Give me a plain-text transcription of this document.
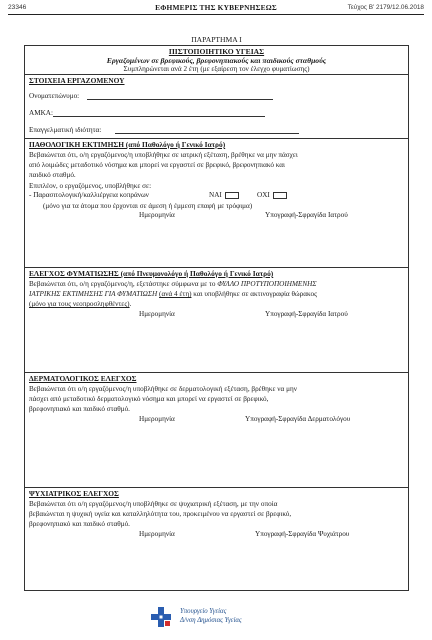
23346	ΕΦΗΜΕΡΙΣ ΤΗΣ ΚΥΒΕΡΝΗΣΕΩΣ	Τεύχος Β’ 2179/12.06.2018
ΠΑΡΑΡΤΗΜΑ Ι
ΠΙΣΤΟΠΟΙΗΤΙΚΟ ΥΓΕΙΑΣ
Εργαζομένων σε βρεφικούς, βρεφονηπιακούς και παιδικούς σταθμούς
Συμπληρώνεται ανά 2 έτη (με εξαίρεση τον έλεγχο φυματίωσης)
ΣΤΟΙΧΕΙΑ ΕΡΓΑΖΟΜΕΝΟΥ
Ονοματεπώνυμο:
ΑΜΚΑ:
Επαγγελματική ιδιότητα:
ΠΑΘΟΛΟΓΙΚΗ ΕΚΤΙΜΗΣΗ (από Παθολόγο ή Γενικό Ιατρό)
Βεβαιώνεται ότι, ο/η εργαζόμενος/η υποβλήθηκε σε ιατρική εξέταση, βρέθηκε να μην πάσχει
από λοιμώδες μεταδοτικό νόσημα και μπορεί να εργαστεί σε βρεφικό, βρεφονηπιακό και
παιδικό σταθμό.
Επιπλέον, ο εργαζόμενος, υποβλήθηκε σε:
- Παρασιτολογική/καλλιέργεια κοπράνων	ΝΑΙ	ΟΧΙ
(μόνο για τα άτομα που έρχονται σε άμεση ή έμμεση επαφή με τρόφιμα)
Ημερομηνία	Υπογραφή-Σφραγίδα Ιατρού
ΕΛΕΓΧΟΣ ΦΥΜΑΤΙΩΣΗΣ (από Πνευμονολόγο ή Παθολόγο ή Γενικό Ιατρό)
Βεβαιώνεται ότι, ο/η εργαζόμενος/η, εξετάστηκε σύμφωνα με το ΦΥΛΛΟ ΠΡΟΤΥΠΟΠΟΙΗΜΕΝΗΣ
ΙΑΤΡΙΚΗΣ ΕΚΤΙΜΗΣΗΣ ΓΙΑ ΦΥΜΑΤΙΩΣΗ (ανά 4 έτη) και υποβλήθηκε σε ακτινογραφία θώρακος
(μόνο για τους νεοπροσληφθέντες).
Ημερομηνία	Υπογραφή-Σφραγίδα Ιατρού
ΔΕΡΜΑΤΟΛΟΓΙΚΟΣ ΕΛΕΓΧΟΣ
Βεβαιώνεται ότι ο/η εργαζόμενος/η υποβλήθηκε σε δερματολογική εξέταση, βρέθηκε να μην
πάσχει από μεταδοτικό δερματολογικό νόσημα και μπορεί να εργαστεί σε βρεφικό,
βρεφονηπιακό και παιδικό σταθμό.
Ημερομηνία	Υπογραφή-Σφραγίδα Δερματολόγου
ΨΥΧΙΑΤΡΙΚΟΣ ΕΛΕΓΧΟΣ
Βεβαιώνεται ότι ο/η εργαζόμενος/η υποβλήθηκε σε ψυχιατρική εξέταση, με την οποία
βεβαιώνεται η ψυχική υγεία και καταλληλότητα του, προκειμένου να εργαστεί σε βρεφικό,
βρεφονηπιακό και παιδικό σταθμό.
Ημερομηνία	Υπογραφή-Σφραγίδα Ψυχιάτρου
Υπουργείο Υγείας
Δ/νση Δημόσιας Υγείας
